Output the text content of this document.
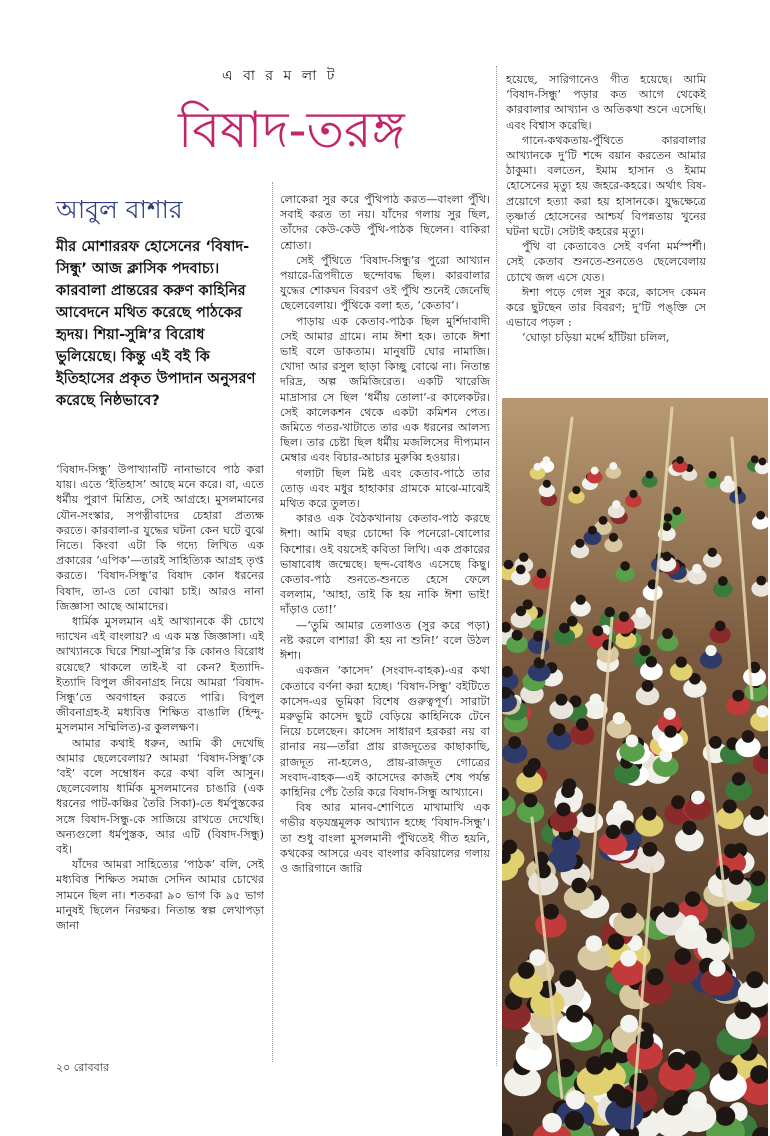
এ বা র ম লা ট
বিষাদ-তরঙ্গ
আবুল বাশার

মীর মোশাররফ হোসেনের ‘বিষাদ-সিন্ধু’ আজ ক্লাসিক পদবাচ্য। কারবালা প্রান্তরের করুণ কাহিনির আবেদনে মথিত করেছে পাঠকের হৃদয়। শিয়া-সুন্নি’র বিরোধ ভুলিয়েছে। কিন্তু এই বই কি ইতিহাসের প্রকৃত উপাদান অনুসরণ করেছে নিষ্ঠভাবে?

‘বিষাদ-সিন্ধু’ উপাখ্যানটি নানাভাবে পাঠ করা যায়। এতে ‘ইতিহাস’ আছে মনে করে। বা, এতে ধর্মীয় পুরাণ মিশ্রিত, সেই আগ্রহে। মুসলমানের যৌন-সংস্কার, সপত্নীবাদের চেহারা প্রত্যক্ষ করতে। কারবালা-র যুদ্ধের ঘটনা কেন ঘটে বুঝে নিতে। কিংবা এটা কি গদ্যে লিখিত এক প্রকারের ‘এপিক’—তারই সাহিত্যিক আগ্রহ তৃপ্ত করতে। ‘বিষাদ-সিন্ধু’র বিষাদ কোন ধরনের বিষাদ, তা-ও তো বোঝা চাই। আরও নানা জিজ্ঞাসা আছে আমাদের।

ধার্মিক মুসলমান এই আখ্যানকে কী চোখে দ্যাখেন এই বাংলায়? এ এক মস্ত জিজ্ঞাসা। এই আখ্যানকে ঘিরে শিয়া-সুন্নি’র কি কোনও বিরোধ রয়েছে? থাকলে তাই-ই বা কেন? ইত্যাদি-ইত্যাদি বিপুল জীবনাগ্রহ নিয়ে আমরা ‘বিষাদ-সিন্ধু’তে অবগাহন করতে পারি। বিপুল জীবনাগ্রহ-ই মধ্যবিত্ত শিক্ষিত বাঙালি (হিন্দু-মুসলমান সম্মিলিত)-র কুললক্ষণ।

আমার কথাই ধরুন, আমি কী দেখেছি আমার ছেলেবেলায়? আমরা ‘বিষাদ-সিন্ধু’কে ‘বই’ বলে সম্বোধন করে কথা বলি আসুন। ছেলেবেলায় ধার্মিক মুসলমানের চাঙারি (এক ধরনের পাট-কঞ্চির তৈরি সিকা)-তে ধর্মপুস্তকের সঙ্গে বিষাদ-সিন্ধু-কে সাজিয়ে রাখতে দেখেছি। অন্যগুলো ধর্মপুস্তক, আর এটি (বিষাদ-সিন্ধু) বই।

যাঁদের আমরা সাহিত্যের ‘পাঠক’ বলি, সেই মধ্যবিত্ত শিক্ষিত সমাজ সেদিন আমার চোখের সামনে ছিল না। শতকরা ৯০ ভাগ কি ৯৫ ভাগ মানুষই ছিলেন নিরক্ষর। নিতান্ত স্বল্প লেখাপড়া জানা

লোকেরা সুর করে পুঁথিপাঠ করত—বাংলা পুঁথি। সবাই করত তা নয়। যাঁদের গলায় সুর ছিল, তাঁদের কেউ-কেউ পুঁথি-পাঠক ছিলেন। বাকিরা শ্রোতা।

সেই পুঁথিতে ‘বিষাদ-সিন্ধু’র পুরো আখ্যান পয়ারে-ত্রিপদীতে ছন্দোবদ্ধ ছিল। কারবালার যুদ্ধের শোকঘন বিবরণ ওই পুঁথি শুনেই জেনেছি ছেলেবেলায়। পুঁথিকে বলা হত, ‘কেতাব’।

পাড়ায় এক কেতাব-পাঠক ছিল মুর্শিদাবাদী সেই আমার গ্রামে। নাম ঈশা হক। তাকে ঈশা ভাই বলে ডাকতাম। মানুষটি ঘোর নামাজি। খোদা আর রসুল ছাড়া কিচ্ছু বোঝে না। নিতান্ত দরিদ্র, অল্প জমিজিরেত। একটি খারেজি মাদ্রাসার সে ছিল ‘ধর্মীয় তোলা’-র কালেকটর। সেই কালেকশন থেকে একটা কমিশন পেত। জমিতে গতর-খাটাতে তার এক ধরনের আলস্য ছিল। তার চেষ্টা ছিল ধর্মীয় মজলিসের দীপ্যমান মেম্বার এবং বিচার-আচার মুরুব্বি হওয়ার।

গলাটা ছিল মিষ্ট এবং কেতাব-পাঠে তার তোড় এবং মধুর হাহাকার গ্রামকে মাঝে-মাঝেই মথিত করে তুলত।

কারও এক বৈঠকখানায় কেতাব-পাঠ করছে ঈশা। আমি বছর চোদ্দো কি পনেরো-ষোলোর কিশোর। ওই বয়সেই কবিতা লিখি। এক প্রকারের ভাষাবোধ জন্মেছে। ছন্দ-বোধও এসেছে কিছু। কেতাব-পাঠ শুনতে-শুনতে হেসে ফেলে বললাম, ‘আহা, তাই কি হয় নাকি ঈশা ভাই! দাঁড়াও তো!’

—‘তুমি আমার তেলাওত (সুর করে পড়া) নষ্ট করলে বাশার! কী হয় না শুনি!’ বলে উঠল ঈশা।

একজন ‘কাসেদ’ (সংবাদ-বাহক)-এর কথা কেতাবে বর্ণনা করা হচ্ছে। ‘বিষাদ-সিন্ধু’ বইটিতে কাসেদ-এর ভূমিকা বিশেষ গুরুত্বপূর্ণ। সারাটা মরুভূমি কাসেদ ছুটে বেড়িয়ে কাহিনিকে টেনে নিয়ে চলেছেন। কাসেদ সাধারণ হরকরা নয় বা রানার নয়—তাঁরা প্রায় রাজদূতের কাছাকাছি, রাজদূত না-হলেও, প্রায়-রাজদূত গোত্রের সংবাদ-বাহক—এই কাসেদের কাজই শেষ পর্যন্ত কাহিনির পেঁচ তৈরি করে বিষাদ-সিন্ধু আখ্যানে।

বিষ আর মানব-শোণিতে মাখামাখি এক গভীর ষড়যন্ত্রমূলক আখ্যান হচ্ছে ‘বিষাদ-সিন্ধু’। তা শুধু বাংলা মুসলমানী পুঁথিতেই গীত হয়নি, কথকের আসরে এবং বাংলার কবিয়ালের গলায় ও জারিগানে জারি

হয়েছে, সারিগানেও গীত হয়েছে। আমি ‘বিষাদ-সিন্ধু’ পড়ার কত আগে থেকেই কারবালার আখ্যান ও অতিকথা শুনে এসেছি। এবং বিশ্বাস করেছি।

গানে-কথকতায়-পুঁথিতে কারবালার আখ্যানকে দু’টি শব্দে বয়ান করতেন আমার ঠাকুমা। বলতেন, ইমাম হাসান ও ইমাম হোসেনের মৃত্যু হয় জহরে-কহরে। অর্থাৎ বিষ-প্রয়োগে হত্যা করা হয় হাসানকে। যুদ্ধক্ষেত্রে তৃষ্ণার্ত হোসেনের আশ্চর্য বিপন্নতায় খুনের ঘটনা ঘটে। সেটাই কহরের মৃত্যু।

পুঁথি বা কেতাবেও সেই বর্ণনা মর্মস্পর্শী। সেই কেতাব শুনতে-শুনতেও ছেলেবেলায় চোখে জল এসে যেত।

ঈশা পড়ে গেল সুর করে, কাসেদ কেমন করে ছুটছেন তার বিবরণ; দু’টি পঙ্‌ক্তি সে এভাবে পড়ল :

‘ঘোড়া চড়িয়া মর্দ্দে হাঁটিয়া চলিল,

২০ রোববার
